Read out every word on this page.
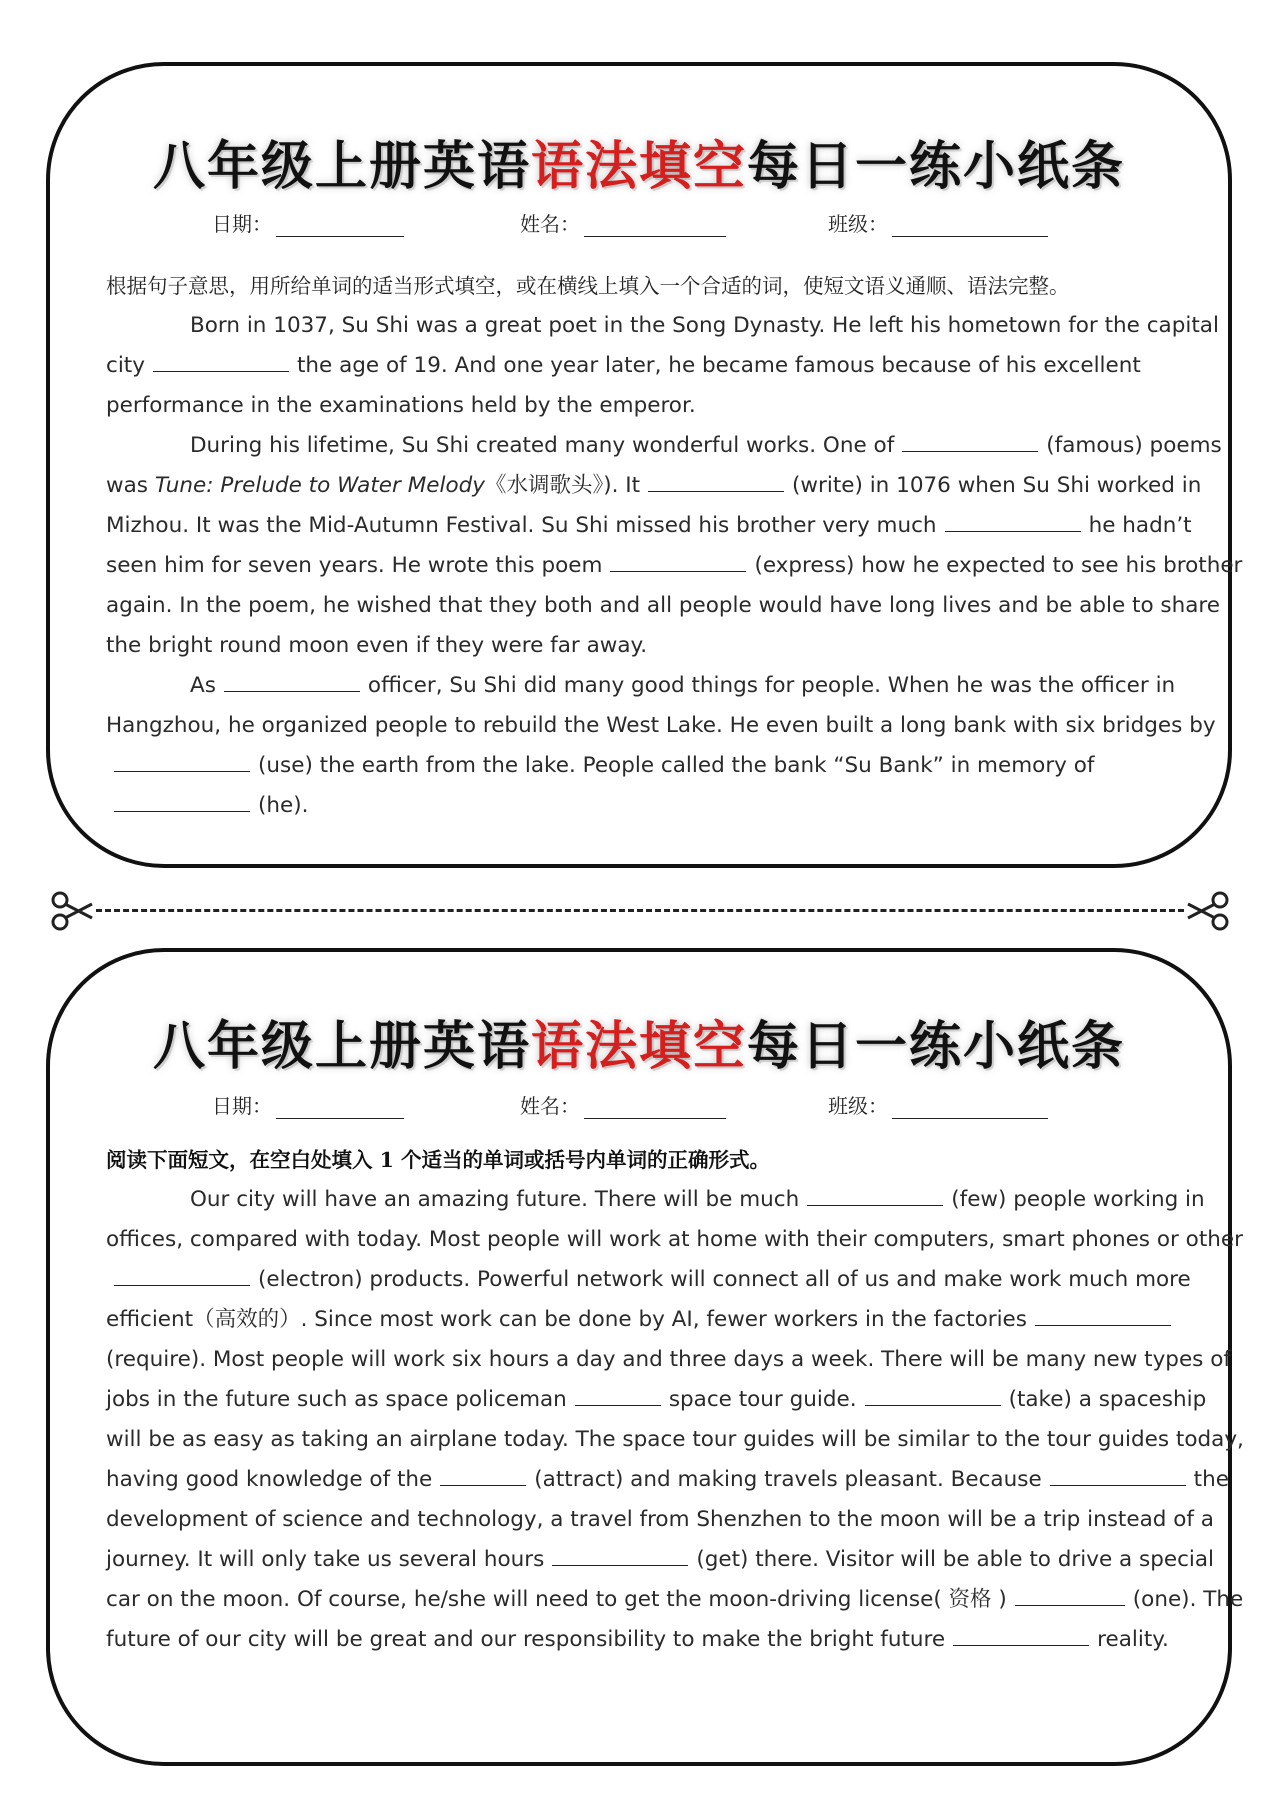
八年级上册英语语法填空每日一练小纸条
日期：	姓名：	班级：
根据句子意思，用所给单词的适当形式填空，或在横线上填入一个合适的词，使短文语义通顺、语法完整。

Born in 1037, Su Shi was a great poet in the Song Dynasty. He left his hometown for the capital city	the age of 19. And one year later, he became famous because of his excellent performance in the examinations held by the emperor.

During his lifetime, Su Shi created many wonderful works. One of	(famous) poems was Tune: Prelude to Water Melody《水调歌头》). It	(write) in 1076 when Su Shi worked in Mizhou. It was the Mid-Autumn Festival. Su Shi missed his brother very much	he hadn’t seen him for seven years. He wrote this poem	(express) how he expected to see his brother again. In the poem, he wished that they both and all people would have long lives and be able to share the bright round moon even if they were far away.

As	officer, Su Shi did many good things for people. When he was the officer in Hangzhou, he organized people to rebuild the West Lake. He even built a long bank with six bridges by(use) the earth from the lake. People called the bank “Su Bank” in memory of(he).

八年级上册英语语法填空每日一练小纸条
日期：	姓名：	班级：
阅读下面短文，在空白处填入 1 个适当的单词或括号内单词的正确形式。

Our city will have an amazing future. There will be much	(few) people working in offices, compared with today. Most people will work at home with their computers, smart phones or other(electron) products. Powerful network will connect all of us and make work much more efficient（高效的）. Since most work can be done by AI, fewer workers in the factories(require). Most people will work six hours a day and three days a week. There will be many new types of jobs in the future such as space policeman	space tour guide.	(take) a spaceship will be as easy as taking an airplane today. The space tour guides will be similar to the tour guides today, having good knowledge of the	(attract) and making travels pleasant. Because	the development of science and technology, a travel from Shenzhen to the moon will be a trip instead of a journey. It will only take us several hours	(get) there. Visitor will be able to drive a special car on the moon. Of course, he/she will need to get the moon-driving license( 资格 )	(one). The future of our city will be great and our responsibility to make the bright future	reality.
